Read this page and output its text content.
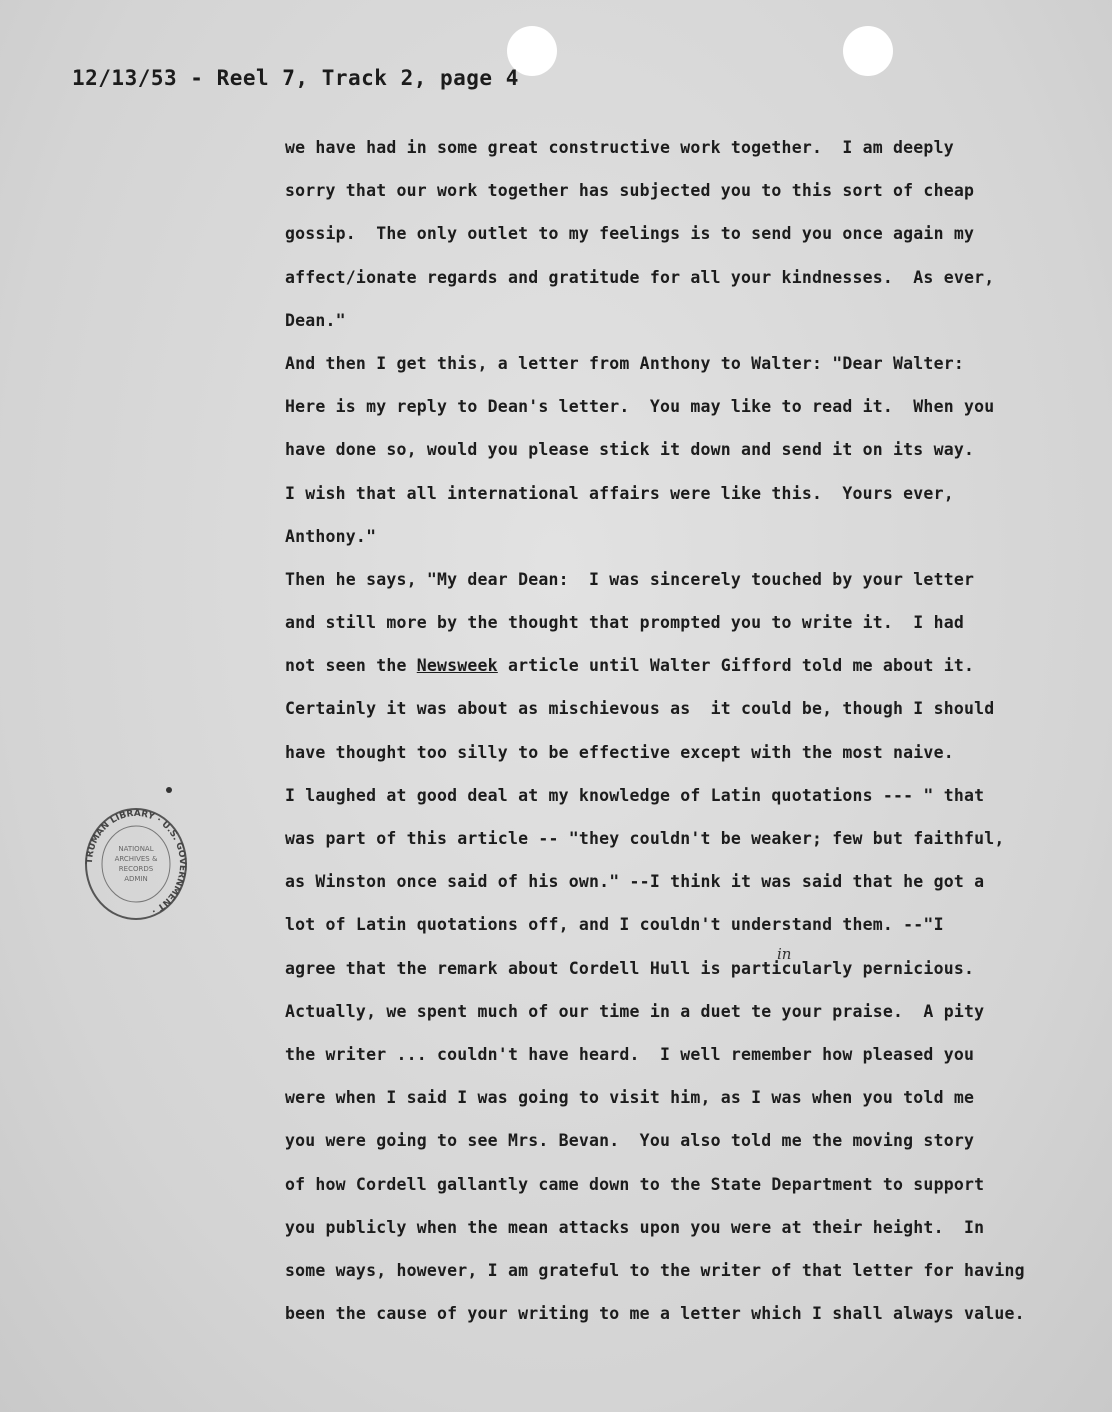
12/13/53 - Reel 7, Track 2, page 4
we have had in some great constructive work together.  I am deeply
sorry that our work together has subjected you to this sort of cheap
gossip.  The only outlet to my feelings is to send you once again my
affect/ionate regards and gratitude for all your kindnesses.  As ever,
Dean."
And then I get this, a letter from Anthony to Walter: "Dear Walter:
Here is my reply to Dean's letter.  You may like to read it.  When you
have done so, would you please stick it down and send it on its way.
I wish that all international affairs were like this.  Yours ever,
Anthony."
Then he says, "My dear Dean:  I was sincerely touched by your letter
and still more by the thought that prompted you to write it.  I had
not seen the Newsweek article until Walter Gifford told me about it.
Certainly it was about as mischievous as  it could be, though I should
have thought too silly to be effective except with the most naive.
I laughed at good deal at my knowledge of Latin quotations --- " that
was part of this article -- "they couldn't be weaker; few but faithful,
as Winston once said of his own." --I think it was said that he got a
lot of Latin quotations off, and I couldn't understand them. --"I
agree that the remark about Cordell Hull is particularly pernicious.
Actually, we spent much of our time in a duet te your praise.  A pity
the writer ... couldn't have heard.  I well remember how pleased you
were when I said I was going to visit him, as I was when you told me
you were going to see Mrs. Bevan.  You also told me the moving story
of how Cordell gallantly came down to the State Department to support
you publicly when the mean attacks upon you were at their height.  In
some ways, however, I am grateful to the writer of that letter for having
been the cause of your writing to me a letter which I shall always value.
in
TRUMAN LIBRARY · U.S. GOVERNMENT ·
NATIONAL
ARCHIVES &
RECORDS
ADMIN
